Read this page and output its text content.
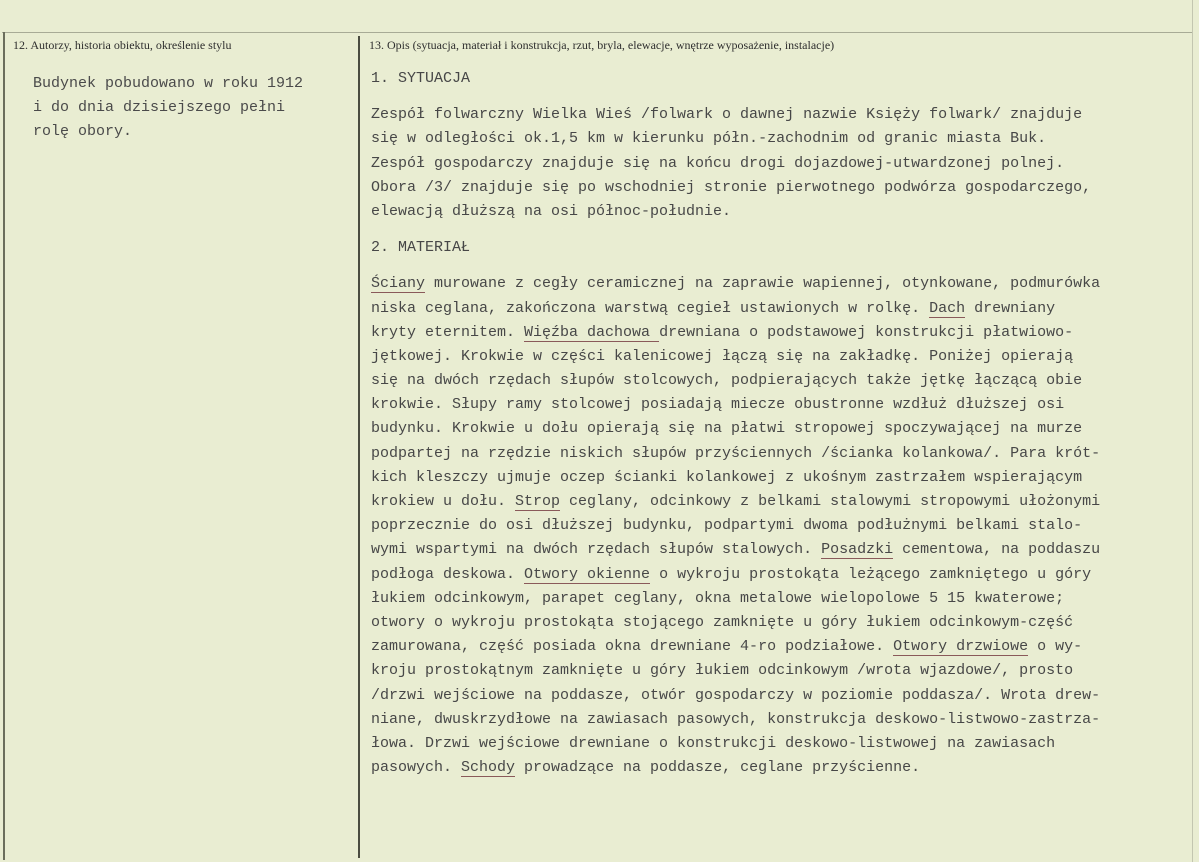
12. Autorzy, historia obiektu, określenie stylu	13. Opis (sytuacja, materiał i konstrukcja, rzut, bryla, elewacje, wnętrze wyposażenie, instalacje)
Budynek pobudowano w roku 1912
i do dnia dzisiejszego pełni
rolę obory.
1. SYTUACJA
Zespół folwarczny Wielka Wieś /folwark o dawnej nazwie Księży folwark/ znajduje
się w odległości ok.1,5 km w kierunku półn.-zachodnim od granic miasta Buk.
Zespół gospodarczy znajduje się na końcu drogi dojazdowej-utwardzonej polnej.
Obora /3/ znajduje się po wschodniej stronie pierwotnego podwórza gospodarczego,
elewacją dłuższą na osi północ-południe.
2. MATERIAŁ
Ściany murowane z cegły ceramicznej na zaprawie wapiennej, otynkowane, podmurówka
niska ceglana, zakończona warstwą cegieł ustawionych w rolkę. Dach drewniany
kryty eternitem. Więźba dachowa drewniana o podstawowej konstrukcji płatwiowo-
jętkowej. Krokwie w części kalenicowej łączą się na zakładkę. Poniżej opierają
się na dwóch rzędach słupów stolcowych, podpierających także jętkę łączącą obie
krokwie. Słupy ramy stolcowej posiadają miecze obustronne wzdłuż dłuższej osi
budynku. Krokwie u dołu opierają się na płatwi stropowej spoczywającej na murze
podpartej na rzędzie niskich słupów przyściennych /ścianka kolankowa/. Para krót-
kich kleszczy ujmuje oczep ścianki kolankowej z ukośnym zastrzałem wspierającym
krokiew u dołu. Strop ceglany, odcinkowy z belkami stalowymi stropowymi ułożonymi
poprzecznie do osi dłuższej budynku, podpartymi dwoma podłużnymi belkami stalo-
wymi wspartymi na dwóch rzędach słupów stalowych. Posadzki cementowa, na poddaszu
podłoga deskowa. Otwory okienne o wykroju prostokąta leżącego zamkniętego u góry
łukiem odcinkowym, parapet ceglany, okna metalowe wielopolowe 5 15 kwaterowe;
otwory o wykroju prostokąta stojącego zamknięte u góry łukiem odcinkowym-część
zamurowana, część posiada okna drewniane 4-ro podziałowe. Otwory drzwiowe o wy-
kroju prostokątnym zamknięte u góry łukiem odcinkowym /wrota wjazdowe/, prosto
/drzwi wejściowe na poddasze, otwór gospodarczy w poziomie poddasza/. Wrota drew-
niane, dwuskrzydłowe na zawiasach pasowych, konstrukcja deskowo-listwowo-zastrza-
łowa. Drzwi wejściowe drewniane o konstrukcji deskowo-listwowej na zawiasach
pasowych. Schody prowadzące na poddasze, ceglane przyścienne.
